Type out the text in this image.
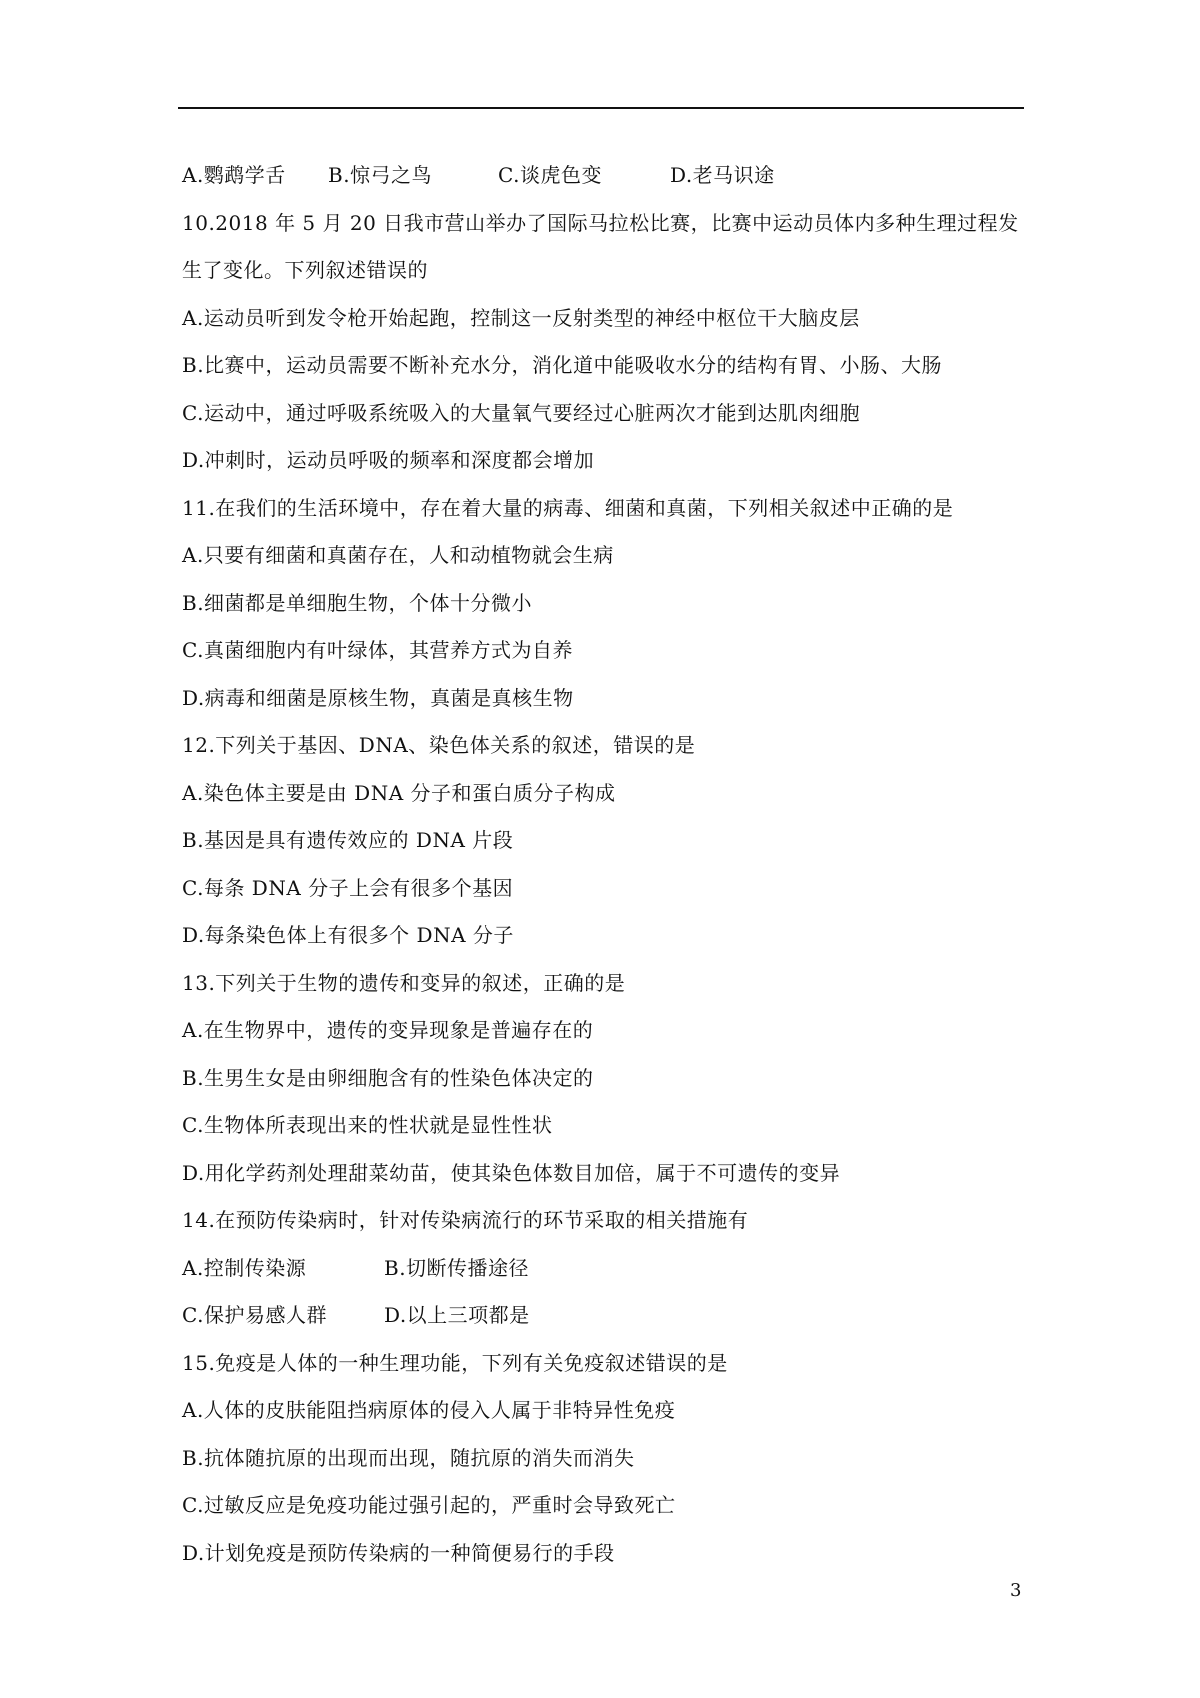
A.鹦鹉学舌	B.惊弓之鸟	C.谈虎色变	D.老马识途
10.2018 年 5 月 20 日我市营山举办了国际马拉松比赛，比赛中运动员体内多种生理过程发
生了变化。下列叙述错误的
A.运动员听到发令枪开始起跑，控制这一反射类型的神经中枢位干大脑皮层
B.比赛中，运动员需要不断补充水分，消化道中能吸收水分的结构有胃、小肠、大肠
C.运动中，通过呼吸系统吸入的大量氧气要经过心脏两次才能到达肌肉细胞
D.冲刺时，运动员呼吸的频率和深度都会增加
11.在我们的生活环境中，存在着大量的病毒、细菌和真菌，下列相关叙述中正确的是
A.只要有细菌和真菌存在，人和动植物就会生病
B.细菌都是单细胞生物，个体十分微小
C.真菌细胞内有叶绿体，其营养方式为自养
D.病毒和细菌是原核生物，真菌是真核生物
12.下列关于基因、DNA、染色体关系的叙述，错误的是
A.染色体主要是由 DNA 分子和蛋白质分子构成
B.基因是具有遗传效应的 DNA 片段
C.每条 DNA 分子上会有很多个基因
D.每条染色体上有很多个 DNA 分子
13.下列关于生物的遗传和变异的叙述，正确的是
A.在生物界中，遗传的变异现象是普遍存在的
B.生男生女是由卵细胞含有的性染色体决定的
C.生物体所表现出来的性状就是显性性状
D.用化学药剂处理甜菜幼苗，使其染色体数目加倍，属于不可遗传的变异
14.在预防传染病时，针对传染病流行的环节采取的相关措施有
A.控制传染源	B.切断传播途径
C.保护易感人群	D.以上三项都是
15.免疫是人体的一种生理功能，下列有关免疫叙述错误的是
A.人体的皮肤能阻挡病原体的侵入人属于非特异性免疫
B.抗体随抗原的出现而出现，随抗原的消失而消失
C.过敏反应是免疫功能过强引起的，严重时会导致死亡
D.计划免疫是预防传染病的一种简便易行的手段
3
